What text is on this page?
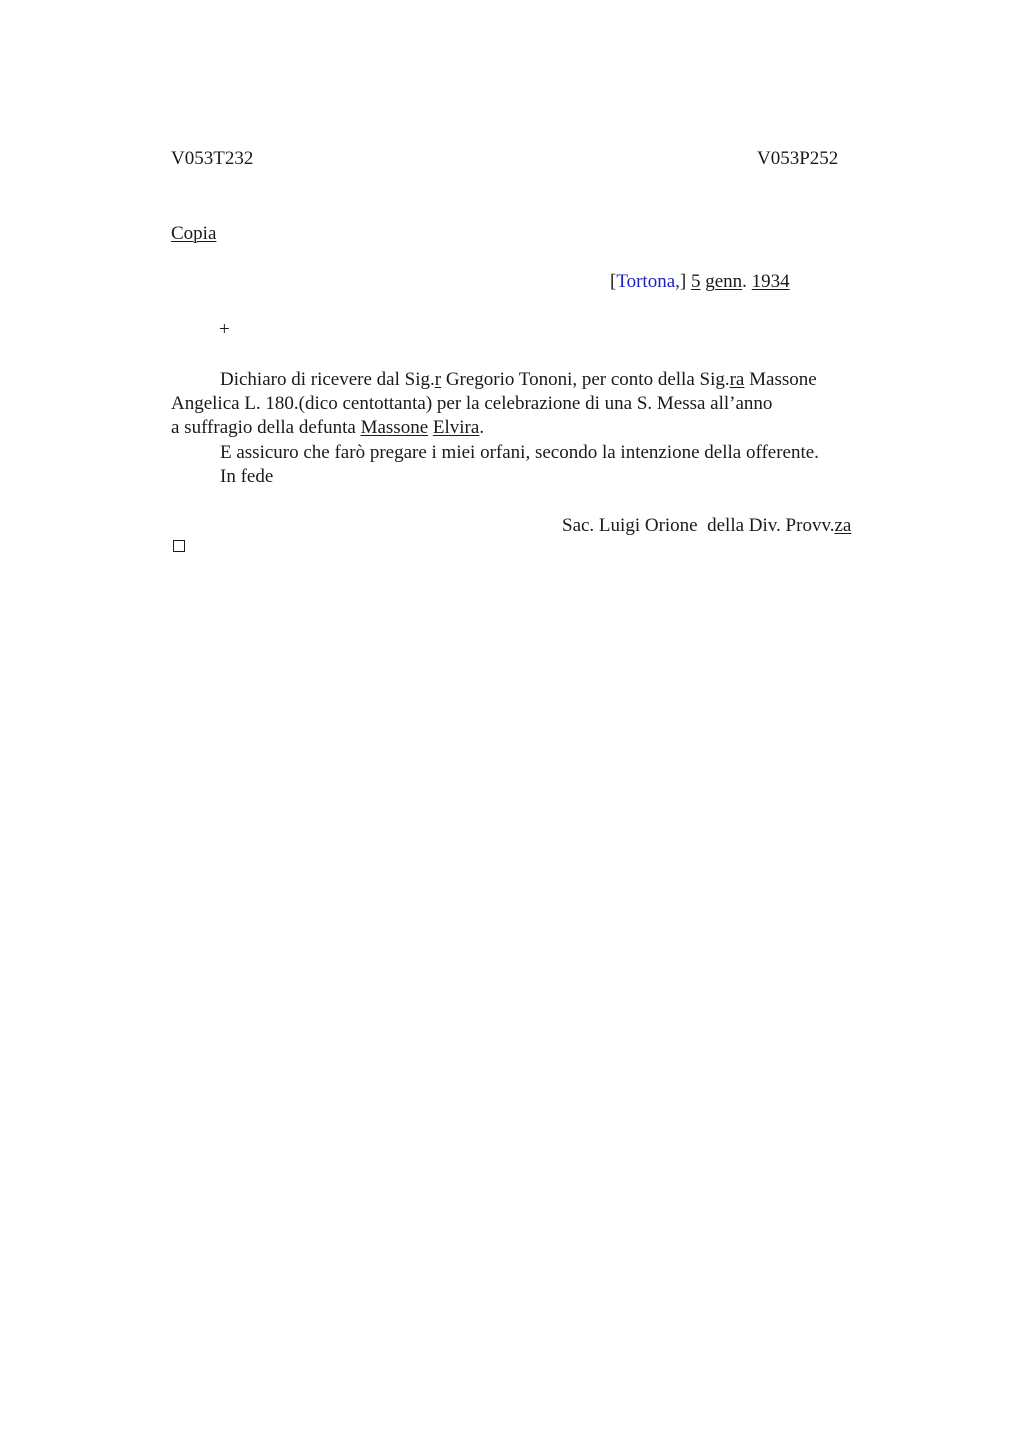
V053T232	V053P252
Copia
[Tortona,] 5 genn. 1934
+
Dichiaro di ricevere dal Sig.r Gregorio Tononi, per conto della Sig.ra Massone
Angelica L. 180.(dico centottanta) per la celebrazione di una S. Messa all’anno
a suffragio della defunta Massone Elvira.
E assicuro che farò pregare i miei orfani, secondo la intenzione della offerente.
In fede
Sac. Luigi Orione  della Div. Provv.za
